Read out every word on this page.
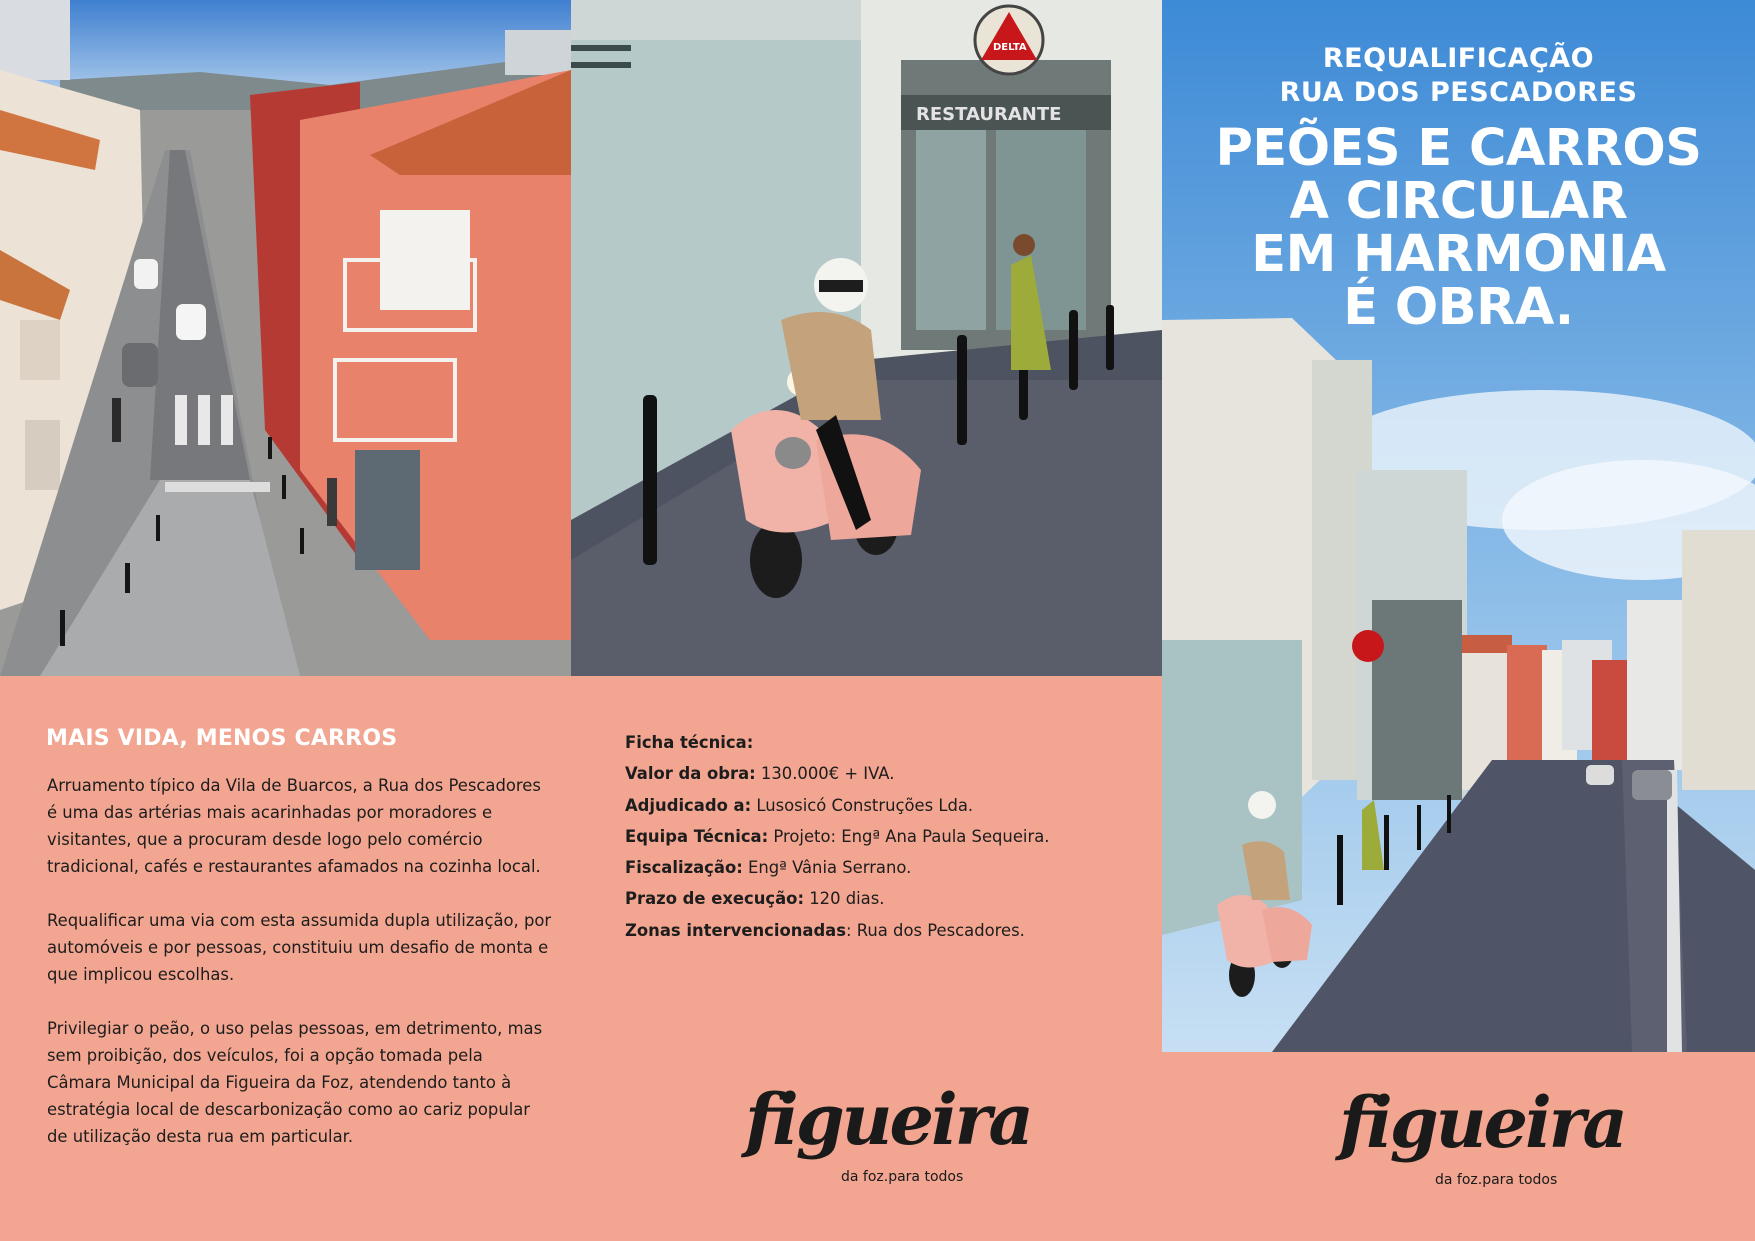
RESTAURANTE
DELTA	REQUALIFICAÇÃO
RUA DOS PESCADORES
PEÕES E CARROS
A CIRCULAR
EM HARMONIA
É OBRA.
MAIS VIDA, MENOS CARROS

Arruamento típico da Vila de Buarcos, a Rua dos Pescadores é uma das artérias mais acarinhadas por moradores e visitantes, que a procuram desde logo pelo comércio tradicional, cafés e restaurantes afamados na cozinha local.

Requalificar uma via com esta assumida dupla utilização, por automóveis e por pessoas, constituiu um desafio de monta e que implicou escolhas.

Privilegiar o peão, o uso pelas pessoas, em detrimento, mas sem proibição, dos veículos, foi a opção tomada pela Câmara Municipal da Figueira da Foz, atendendo tanto à estratégia local de descarbonização como ao cariz popular de utilização desta rua em particular.

Ficha técnica:
Valor da obra: 130.000€ + IVA.
Adjudicado a: Lusosicó Construções Lda.
Equipa Técnica: Projeto: Engª Ana Paula Sequeira.
Fiscalização: Engª Vânia Serrano.
Prazo de execução: 120 dias.
Zonas intervencionadas: Rua dos Pescadores.
figueira
da foz.para todos
figueira
da foz.para todos
